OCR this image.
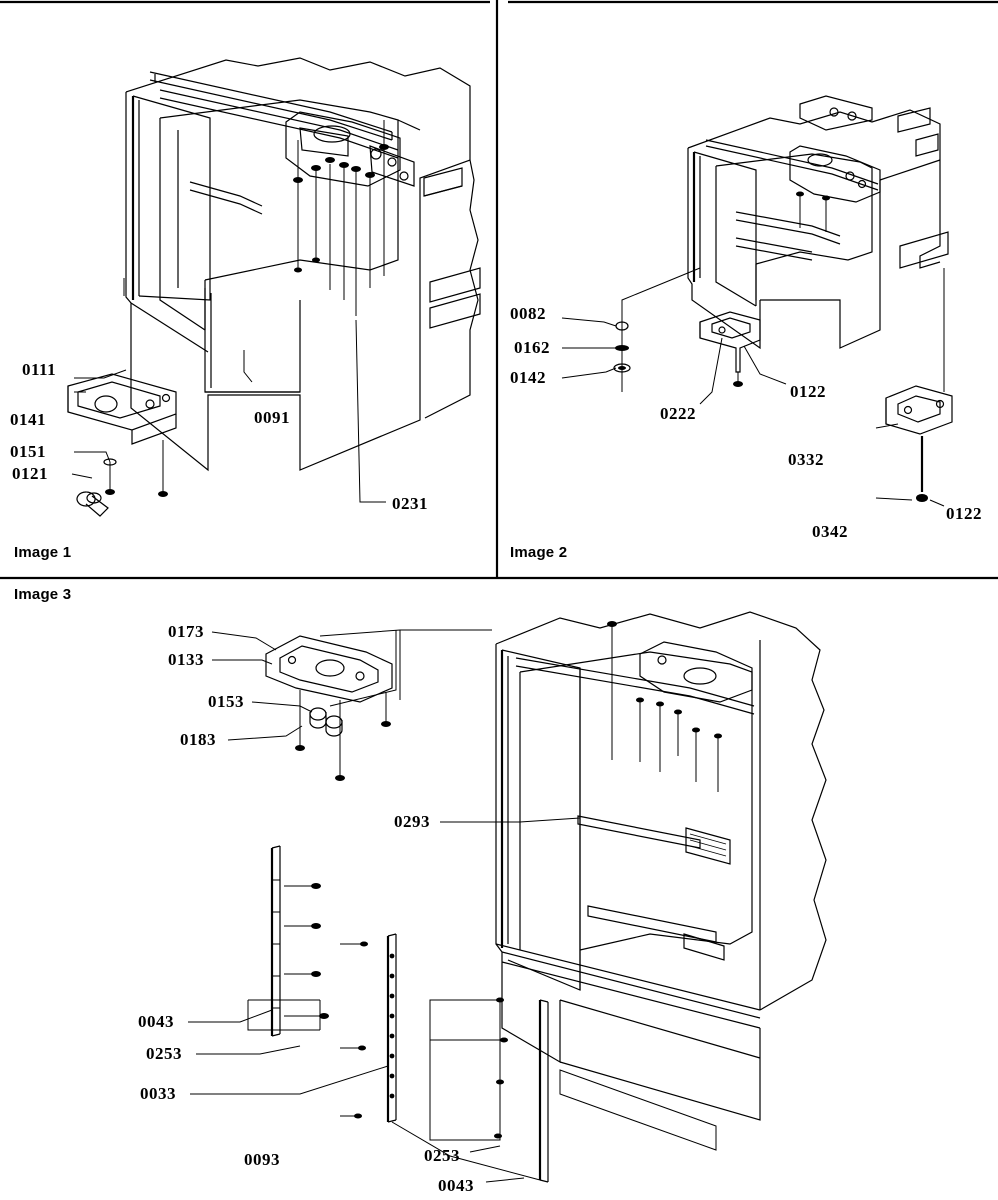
Image 1	Image 2
Image 3
0111
0141
0151
0121
0091
0231
0082
0162
0142
0222
0122
0332
0342
0122
0173
0133
0153
0183
0293
0043
0253
0033
0093	0253
0043
